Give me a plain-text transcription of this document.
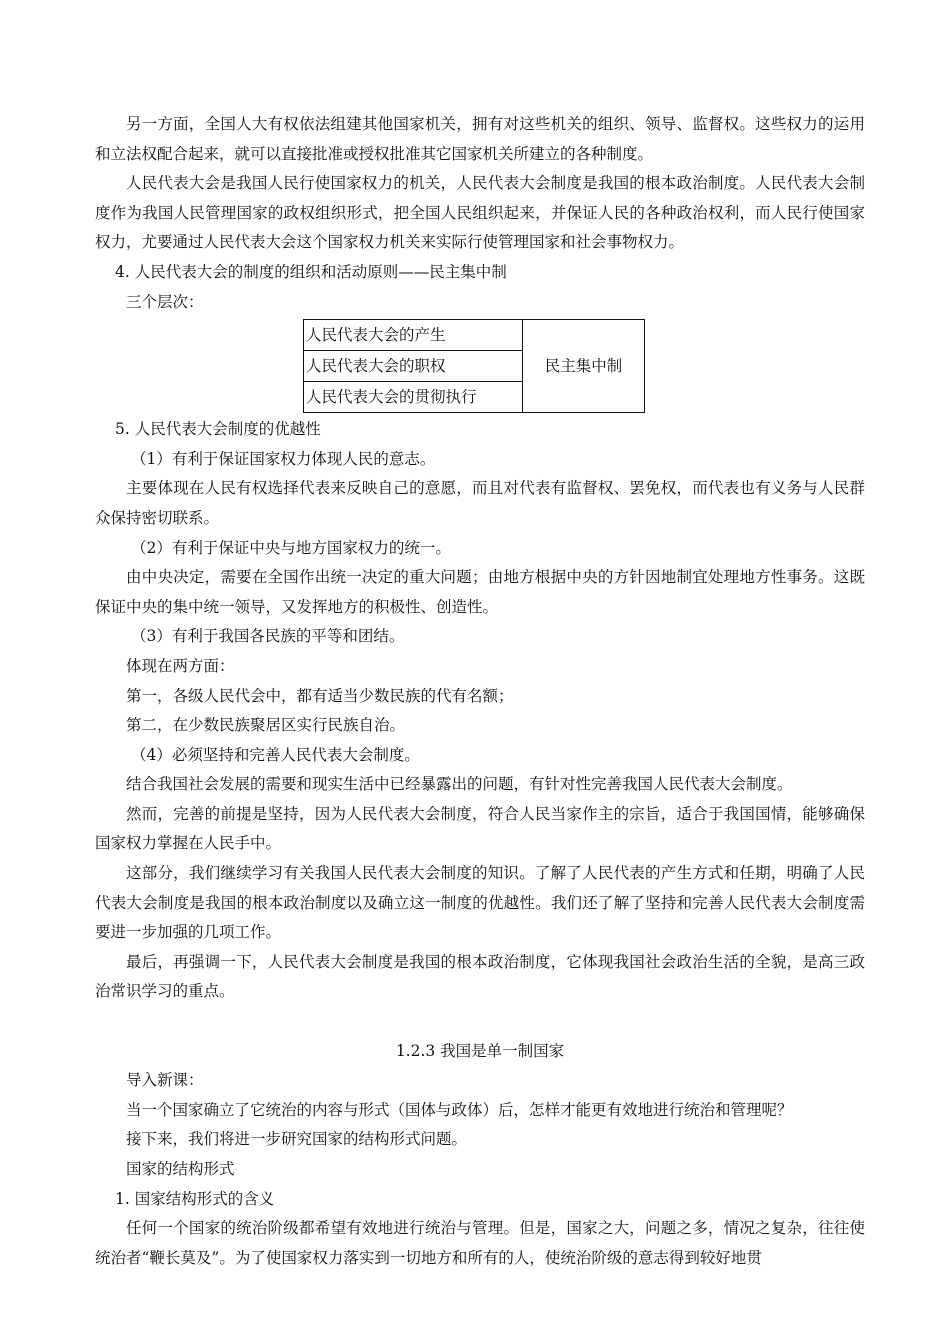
另一方面，全国人大有权依法组建其他国家机关，拥有对这些机关的组织、领导、监督权。这些权力的运用和立法权配合起来，就可以直接批准或授权批准其它国家机关所建立的各种制度。

人民代表大会是我国人民行使国家权力的机关，人民代表大会制度是我国的根本政治制度。人民代表大会制度作为我国人民管理国家的政权组织形式，把全国人民组织起来，并保证人民的各种政治权利，而人民行使国家权力，尤要通过人民代表大会这个国家权力机关来实际行使管理国家和社会事物权力。

4. 人民代表大会的制度的组织和活动原则——民主集中制

三个层次：

人民代表大会的产生	民主集中制
人民代表大会的职权
人民代表大会的贯彻执行

5. 人民代表大会制度的优越性

（1）有利于保证国家权力体现人民的意志。

主要体现在人民有权选择代表来反映自己的意愿，而且对代表有监督权、罢免权，而代表也有义务与人民群众保持密切联系。

（2）有利于保证中央与地方国家权力的统一。

由中央决定，需要在全国作出统一决定的重大问题；由地方根据中央的方针因地制宜处理地方性事务。这既保证中央的集中统一领导，又发挥地方的积极性、创造性。

（3）有利于我国各民族的平等和团结。

体现在两方面：

第一，各级人民代会中，都有适当少数民族的代有名额；

第二，在少数民族聚居区实行民族自治。

（4）必须坚持和完善人民代表大会制度。

结合我国社会发展的需要和现实生活中已经暴露出的问题，有针对性完善我国人民代表大会制度。

然而，完善的前提是坚持，因为人民代表大会制度，符合人民当家作主的宗旨，适合于我国国情，能够确保国家权力掌握在人民手中。

这部分，我们继续学习有关我国人民代表大会制度的知识。了解了人民代表的产生方式和任期，明确了人民代表大会制度是我国的根本政治制度以及确立这一制度的优越性。我们还了解了坚持和完善人民代表大会制度需要进一步加强的几项工作。

最后，再强调一下，人民代表大会制度是我国的根本政治制度，它体现我国社会政治生活的全貌，是高三政治常识学习的重点。

1.2.3 我国是单一制国家

导入新课：

当一个国家确立了它统治的内容与形式（国体与政体）后，怎样才能更有效地进行统治和管理呢？

接下来，我们将进一步研究国家的结构形式问题。

国家的结构形式

1. 国家结构形式的含义

任何一个国家的统治阶级都希望有效地进行统治与管理。但是，国家之大，问题之多，情况之复杂，往往使统治者“鞭长莫及”。为了使国家权力落实到一切地方和所有的人，使统治阶级的意志得到较好地贯
